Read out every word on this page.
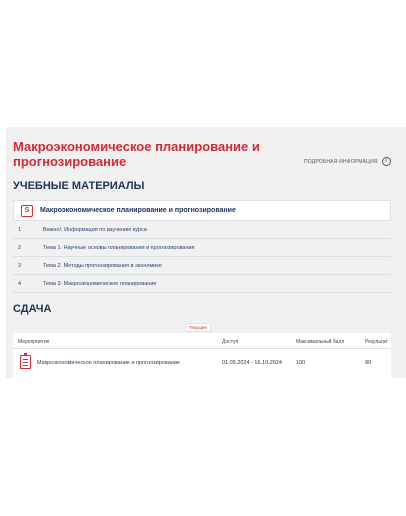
Макроэкономическое планирование и прогнозирование	ПОДРОБНАЯ ИНФОРМАЦИЯ	i
УЧЕБНЫЕ МАТЕРИАЛЫ
S	Макроэкономическое планирование и прогнозирование
1	Важно!. Информация по изучению курса
2	Тема 1. Научные основы планирования и прогнозирования
3	Тема 2. Методы прогнозирования в экономике
4	Тема 3. Макроэкономическое планирование
СДАЧА
Текущие
Мероприятие	Доступ	Максимальный балл	Результат
Макроэкономическое планирование и прогнозирование	01.05.2024 - 16.10.2024	100	90
